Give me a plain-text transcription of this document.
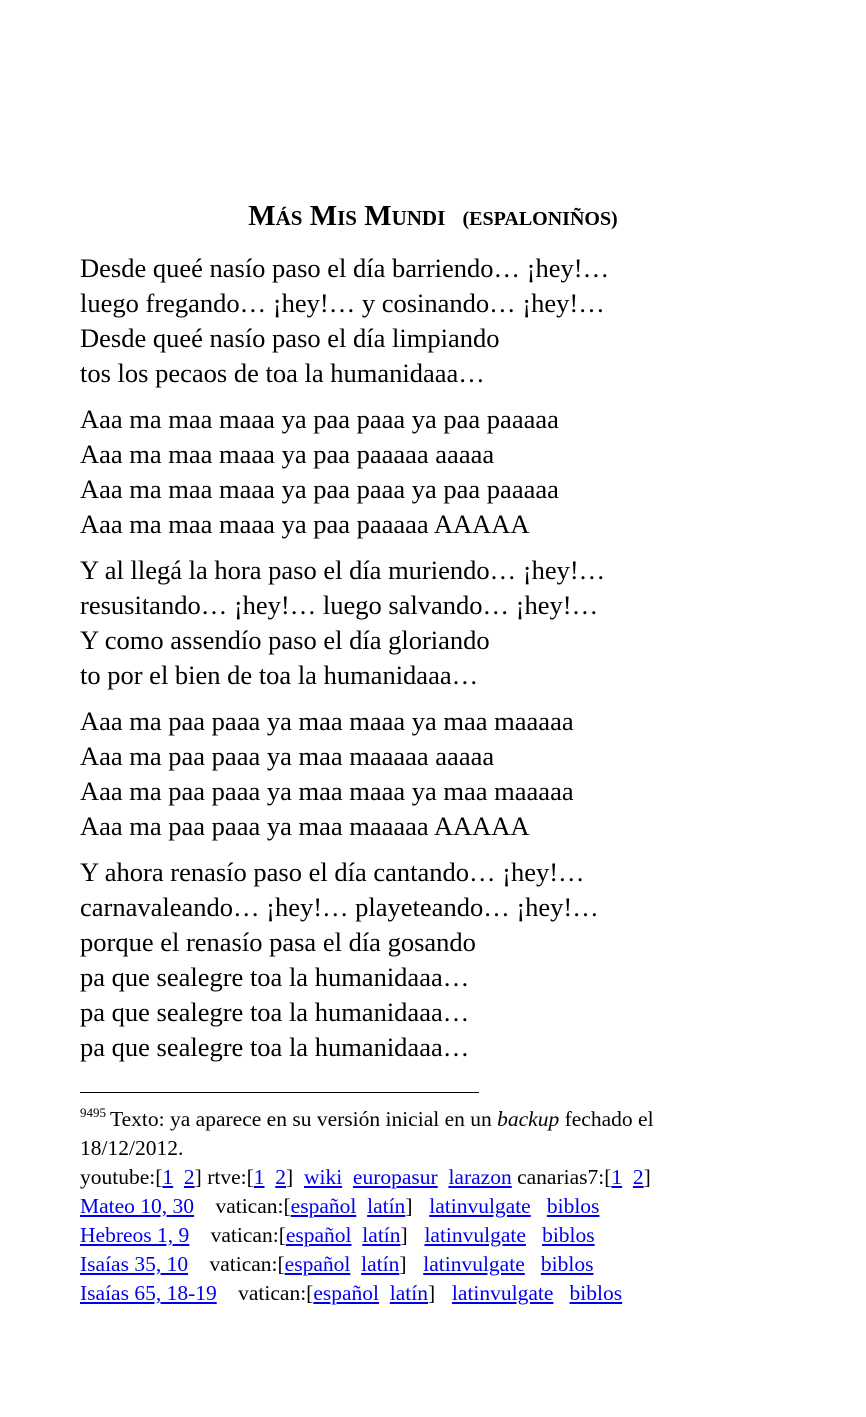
MÁS MIS MUNDI (ESPALONIÑOS)
Desde queé nasío paso el día barriendo… ¡hey!…
luego fregando… ¡hey!… y cosinando… ¡hey!…
Desde queé nasío paso el día limpiando
tos los pecaos de toa la humanidaaa…
Aaa ma maa maaa ya paa paaa ya paa paaaaa
Aaa ma maa maaa ya paa paaaaa aaaaa
Aaa ma maa maaa ya paa paaa ya paa paaaaa
Aaa ma maa maaa ya paa paaaaa AAAAA
Y al llegá la hora paso el día muriendo… ¡hey!…
resusitando… ¡hey!… luego salvando… ¡hey!…
Y como assendío paso el día gloriando
to por el bien de toa la humanidaaa…
Aaa ma paa paaa ya maa maaa ya maa maaaaa
Aaa ma paa paaa ya maa maaaaa aaaaa
Aaa ma paa paaa ya maa maaa ya maa maaaaa
Aaa ma paa paaa ya maa maaaaa AAAAA
Y ahora renasío paso el día cantando… ¡hey!…
carnavaleando… ¡hey!… playeteando… ¡hey!…
porque el renasío pasa el día gosando
pa que sealegre toa la humanidaaa…
pa que sealegre toa la humanidaaa…
pa que sealegre toa la humanidaaa…
$^{9495}$ Texto: ya aparece en su versión inicial en un backup fechado el 18/12/2012.
youtube:[1 2] rtve:[1 2] wiki europasur larazon canarias7:[1 2]
Mateo 10, 30 vatican:[español latín] latinvulgate biblos
Hebreos 1, 9 vatican:[español latín] latinvulgate biblos
Isaías 35, 10 vatican:[español latín] latinvulgate biblos
Isaías 65, 18-19 vatican:[español latín] latinvulgate biblos
